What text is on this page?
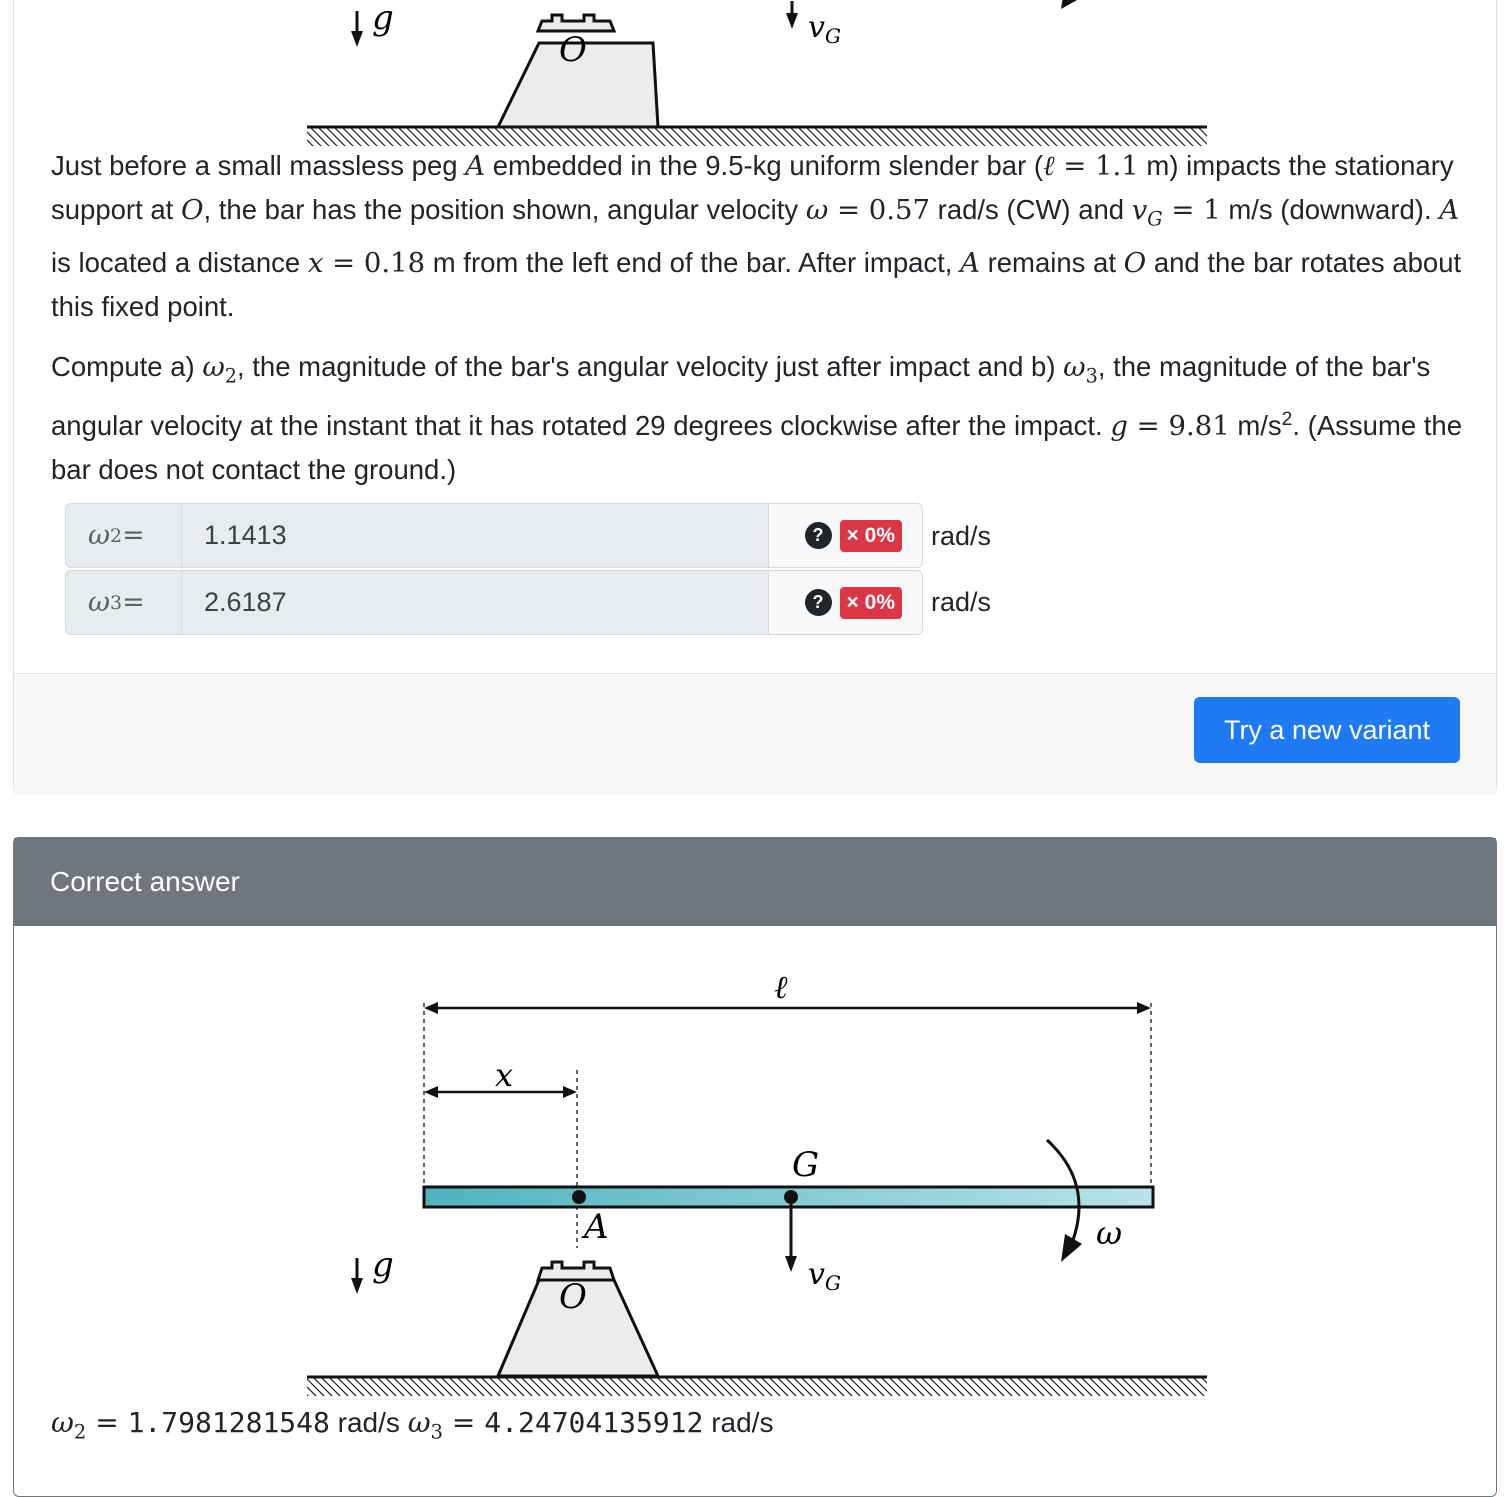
g
O
$v_G$

Just before a small massless peg A embedded in the 9.5-kg uniform slender bar (ℓ = 1.1 m) impacts the stationary support at O, the bar has the position shown, angular velocity ω = 0.57 rad/s (CW) and $v_G = 1$ m/s (downward). A is located a distance x = 0.18 m from the left end of the bar. After impact, A remains at O and the bar rotates about this fixed point.

Compute a) $\omega_2$, the magnitude of the bar's angular velocity just after impact and b) $\omega_3$, the magnitude of the bar's angular velocity at the instant that it has rotated 29 degrees clockwise after the impact. g = 9.81 $m/s^2$. (Assume the bar does not contact the ground.)

ω 2 =	1.1413	?	× 0% rad/s
ω 3 =	2.6187	?	× 0% rad/s
Try a new variant
Correct answer
ℓ
x
G
A
$v_G$
ω
g
O
$\omega_2 = 1.7981281548$ rad/s $\omega_3 = 4.24704135912$ rad/s
